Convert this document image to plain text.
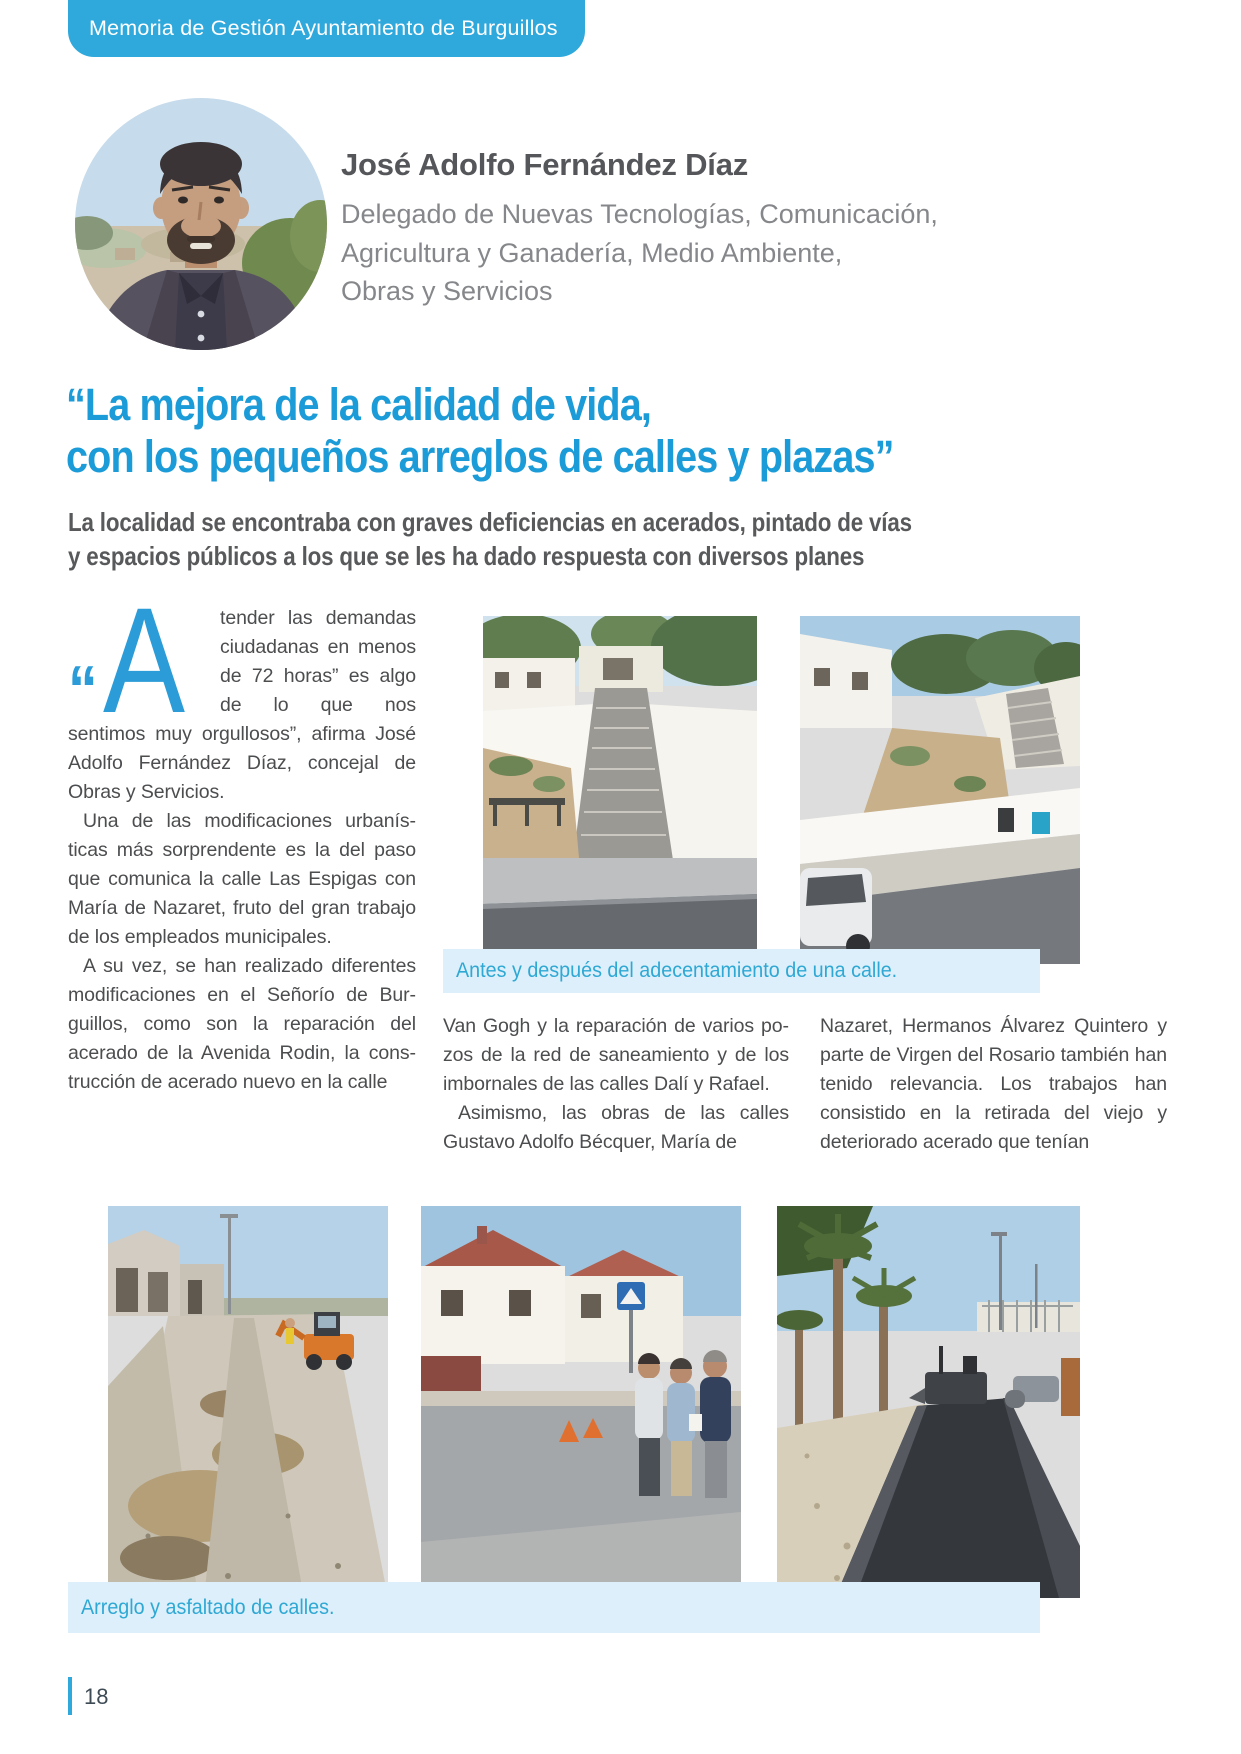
Memoria de Gestión Ayuntamiento de Burguillos
José Adolfo Fernández Díaz
Delegado de Nuevas Tecnologías, Comunicación,
Agricultura y Ganadería, Medio Ambiente,
Obras y Servicios
“La mejora de la calidad de vida,
con los pequeños arreglos de calles y plazas”
La localidad se encontraba con graves deficiencias en acerados, pintado de vías
y espacios públicos a los que se les ha dado respuesta con diversos planes
“A	tender las demandas ciudadanas en menos de 72 horas” es algo de lo que nos sentimos muy orgullosos”, afirma José Adolfo Fernández Díaz, concejal de Obras y Servicios.

Una de las modificaciones urbanísticas más sorprendente es la del paso que comunica la calle Las Espigas con María de Nazaret, fruto del gran trabajo de los empleados municipales.

A su vez, se han realizado diferentes modificaciones en el Señorío de Burguillos, como son la reparación del acerado de la Avenida Rodin, la construcción de acerado nuevo en la calle

Antes y después del adecentamiento de una calle.

Van Gogh y la reparación de varios pozos de la red de saneamiento y de los imbornales de las calles Dalí y Rafael.

Asimismo, las obras de las calles Gustavo Adolfo Bécquer, María de

Nazaret, Hermanos Álvarez Quintero y parte de Virgen del Rosario también han tenido relevancia. Los trabajos han consistido en la retirada del viejo y deteriorado acerado que tenían

Arreglo y asfaltado de calles.
18
